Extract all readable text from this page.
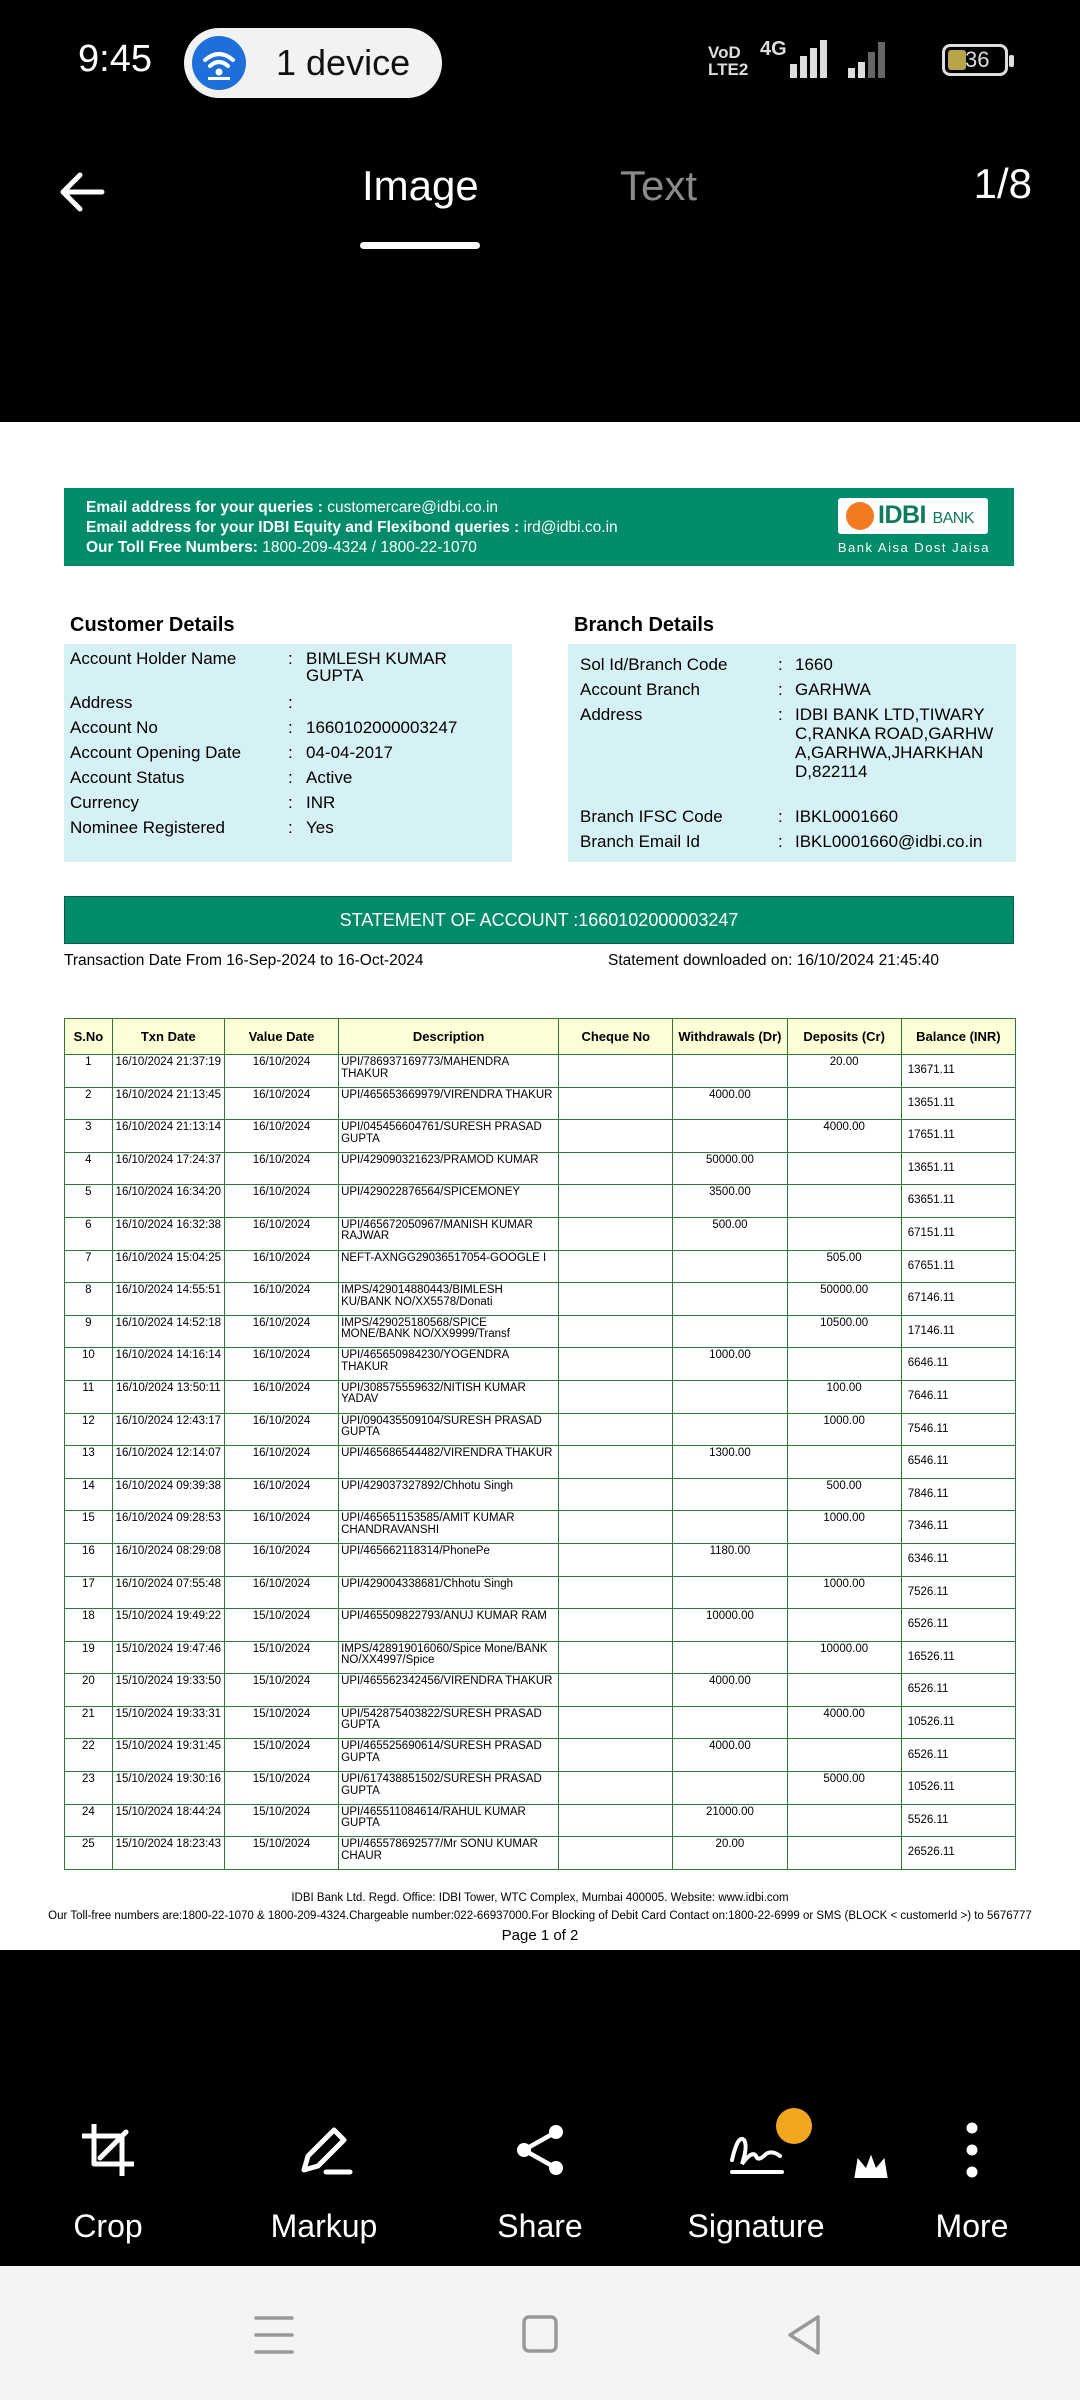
9:45	1 device	VoD
LTE2
4G	36
Image	Text	1/8
Email address for your queries : customercare@idbi.co.in
Email address for your IDBI Equity and Flexibond queries : ird@idbi.co.in
Our Toll Free Numbers: 1800-209-4324 / 1800-22-1070
IDBI BANK
Bank Aisa Dost Jaisa
Customer Details
Account Holder Name	: BIMLESH KUMAR GUPTA
Address	:
Account No	: 1660102000003247
Account Opening Date	: 04-04-2017
Account Status	: Active
Currency	: INR
Nominee Registered	: Yes
Branch Details
Sol Id/Branch Code	: 1660
Account Branch	: GARHWA
Address	: IDBI BANK LTD,TIWARY C,RANKA ROAD,GARHWA,GARHWA,JHARKHAND,822114
Branch IFSC Code	: IBKL0001660
Branch Email Id	: IBKL0001660@idbi.co.in
STATEMENT OF ACCOUNT :1660102000003247
Transaction Date From 16-Sep-2024 to 16-Oct-2024	Statement downloaded on: 16/10/2024 21:45:40
S.No	Txn Date	Value Date	Description	Cheque No	Withdrawals (Dr)	Deposits (Cr)	Balance (INR)
1	16/10/2024 21:37:19	16/10/2024	UPI/786937169773/MAHENDRA THAKUR			20.00	13671.11
2	16/10/2024 21:13:45	16/10/2024	UPI/465653669979/VIRENDRA THAKUR		4000.00		13651.11
3	16/10/2024 21:13:14	16/10/2024	UPI/045456604761/SURESH PRASAD GUPTA			4000.00	17651.11
4	16/10/2024 17:24:37	16/10/2024	UPI/429090321623/PRAMOD KUMAR		50000.00		13651.11
5	16/10/2024 16:34:20	16/10/2024	UPI/429022876564/SPICEMONEY		3500.00		63651.11
6	16/10/2024 16:32:38	16/10/2024	UPI/465672050967/MANISH KUMAR RAJWAR		500.00		67151.11
7	16/10/2024 15:04:25	16/10/2024	NEFT-AXNGG29036517054-GOOGLE I			505.00	67651.11
8	16/10/2024 14:55:51	16/10/2024	IMPS/429014880443/BIMLESH KU/BANK NO/XX5578/Donati			50000.00	67146.11
9	16/10/2024 14:52:18	16/10/2024	IMPS/429025180568/SPICE MONE/BANK NO/XX9999/Transf			10500.00	17146.11
10	16/10/2024 14:16:14	16/10/2024	UPI/465650984230/YOGENDRA THAKUR		1000.00		6646.11
11	16/10/2024 13:50:11	16/10/2024	UPI/308575559632/NITISH KUMAR YADAV			100.00	7646.11
12	16/10/2024 12:43:17	16/10/2024	UPI/090435509104/SURESH PRASAD GUPTA			1000.00	7546.11
13	16/10/2024 12:14:07	16/10/2024	UPI/465686544482/VIRENDRA THAKUR		1300.00		6546.11
14	16/10/2024 09:39:38	16/10/2024	UPI/429037327892/Chhotu Singh			500.00	7846.11
15	16/10/2024 09:28:53	16/10/2024	UPI/465651153585/AMIT KUMAR CHANDRAVANSHI			1000.00	7346.11
16	16/10/2024 08:29:08	16/10/2024	UPI/465662118314/PhonePe		1180.00		6346.11
17	16/10/2024 07:55:48	16/10/2024	UPI/429004338681/Chhotu Singh			1000.00	7526.11
18	15/10/2024 19:49:22	15/10/2024	UPI/465509822793/ANUJ KUMAR RAM		10000.00		6526.11
19	15/10/2024 19:47:46	15/10/2024	IMPS/428919016060/Spice Mone/BANK NO/XX4997/Spice			10000.00	16526.11
20	15/10/2024 19:33:50	15/10/2024	UPI/465562342456/VIRENDRA THAKUR		4000.00		6526.11
21	15/10/2024 19:33:31	15/10/2024	UPI/542875403822/SURESH PRASAD GUPTA			4000.00	10526.11
22	15/10/2024 19:31:45	15/10/2024	UPI/465525690614/SURESH PRASAD GUPTA		4000.00		6526.11
23	15/10/2024 19:30:16	15/10/2024	UPI/617438851502/SURESH PRASAD GUPTA			5000.00	10526.11
24	15/10/2024 18:44:24	15/10/2024	UPI/465511084614/RAHUL KUMAR GUPTA		21000.00		5526.11
25	15/10/2024 18:23:43	15/10/2024	UPI/465578692577/Mr SONU KUMAR CHAUR		20.00		26526.11
IDBI Bank Ltd. Regd. Office: IDBI Tower, WTC Complex, Mumbai 400005. Website: www.idbi.com
Our Toll-free numbers are:1800-22-1070 & 1800-209-4324.Chargeable number:022-66937000.For Blocking of Debit Card Contact on:1800-22-6999 or SMS (BLOCK < customerId >) to 5676777
Page 1 of 2
Crop	Markup	Share	Signature	More
